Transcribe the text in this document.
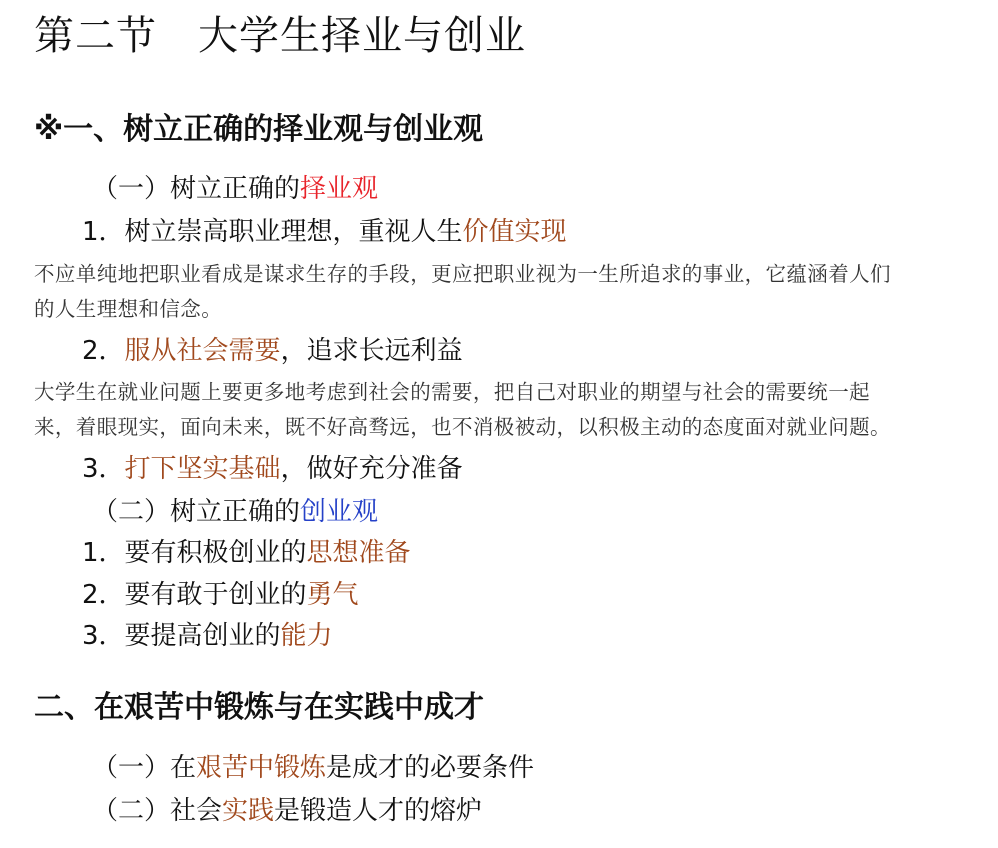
第二节　大学生择业与创业
※一、树立正确的择业观与创业观
（一）树立正确的择业观
1．树立崇高职业理想，重视人生价值实现
不应单纯地把职业看成是谋求生存的手段，更应把职业视为一生所追求的事业，它蕴涵着人们
的人生理想和信念。
2．服从社会需要，追求长远利益
大学生在就业问题上要更多地考虑到社会的需要，把自己对职业的期望与社会的需要统一起
来，着眼现实，面向未来，既不好高骛远，也不消极被动，以积极主动的态度面对就业问题。
3．打下坚实基础，做好充分准备
（二）树立正确的创业观
1．要有积极创业的思想准备
2．要有敢于创业的勇气
3．要提高创业的能力
二、在艰苦中锻炼与在实践中成才
（一）在艰苦中锻炼是成才的必要条件
（二）社会实践是锻造人才的熔炉
